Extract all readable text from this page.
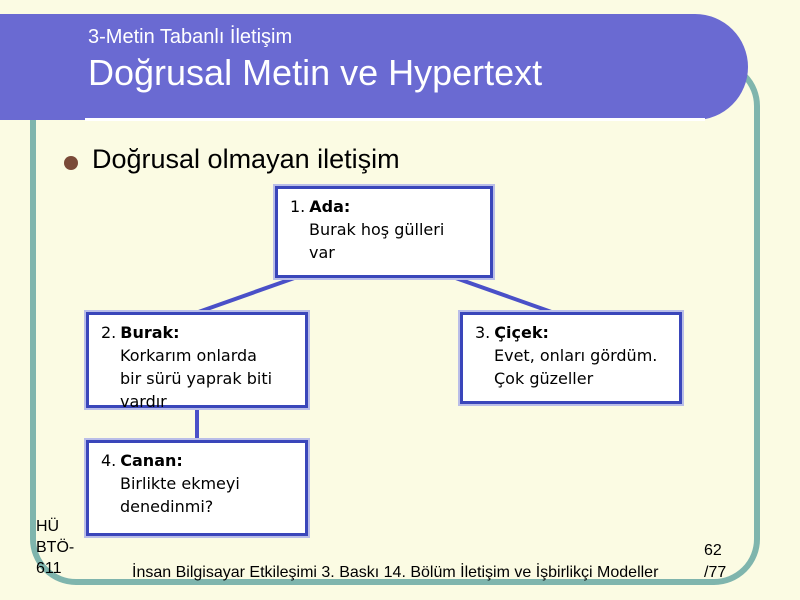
3-Metin Tabanlı İletişim
Doğrusal Metin ve Hypertext
Doğrusal olmayan iletişim
1. Ada:
Burak hoş gülleri
var
2. Burak:
Korkarım onlarda
bir sürü yaprak biti
vardır
3. Çiçek:
Evet, onları gördüm.
Çok güzeller
4. Canan:
Birlikte ekmeyi
denedinmi?
HÜ
BTÖ-
611	İnsan Bilgisayar Etkileşimi 3. Baskı 14. Bölüm İletişim ve İşbirlikçi Modeller
62
/77
